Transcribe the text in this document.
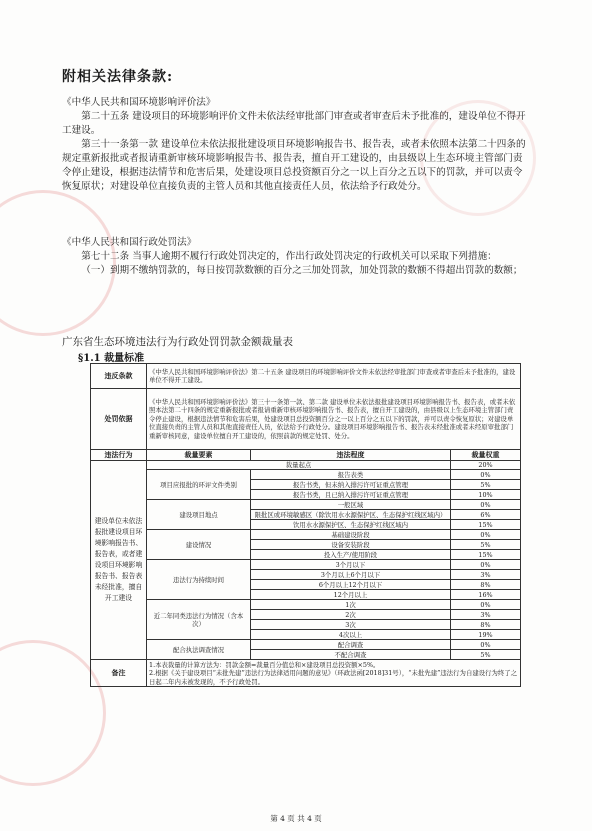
附相关法律条款:
《中华人民共和国环境影响评价法》

第二十五条 建设项目的环境影响评价文件未依法经审批部门审查或者审查后未予批准的，建设单位不得开工建设。

第三十一条第一款 建设单位未依法报批建设项目环境影响报告书、报告表，或者未依照本法第二十四条的规定重新报批或者报请重新审核环境影响报告书、报告表，擅自开工建设的，由县级以上生态环境主管部门责令停止建设，根据违法情节和危害后果，处建设项目总投资额百分之一以上百分之五以下的罚款，并可以责令恢复原状；对建设单位直接负责的主管人员和其他直接责任人员，依法给予行政处分。

《中华人民共和国行政处罚法》

第七十二条 当事人逾期不履行行政处罚决定的，作出行政处罚决定的行政机关可以采取下列措施：

（一）到期不缴纳罚款的，每日按罚款数额的百分之三加处罚款，加处罚款的数额不得超出罚款的数额；

广东省生态环境违法行为行政处罚罚款金额裁量表
§1.1 裁量标准
违反条款	《中华人民共和国环境影响评价法》第二十五条 建设项目的环境影响评价文件未依法经审批部门审查或者审查后未予批准的，建设单位不得开工建设。		
处罚依据	《中华人民共和国环境影响评价法》第三十一条第一款、第二款 建设单位未依法报批建设项目环境影响报告书、报告表，或者未依照本法第二十四条的规定重新报批或者报请重新审核环境影响报告书、报告表，擅自开工建设的，由县级以上生态环境主管部门责令停止建设，根据违法情节和危害后果，处建设项目总投资额百分之一以上百分之五以下的罚款，并可以责令恢复原状；对建设单位直接负责的主管人员和其他直接责任人员，依法给予行政处分。建设项目环境影响报告书、报告表未经批准或者未经原审批部门重新审核同意，建设单位擅自开工建设的，依照前款的规定处罚、处分。		
违法行为	裁量要素	违法程度	裁量权重
建设单位未依法报批建设项目环境影响报告书、报告表，或者建设项目环境影响报告书、报告表未经批准，擅自开工建设	裁量起点		20%
	项目应报批的环评文件类别	报告表类	0%
		报告书类，但未纳入排污许可证重点管理	5%
		报告书类，且已纳入排污许可证重点管理	10%
	建设项目地点	一般区域	0%
		限批区或环境敏感区（除饮用水水源保护区、生态保护红线区域内）	6%
		饮用水水源保护区、生态保护红线区域内	15%
	建设情况	基础建设阶段	0%
		设备安装阶段	5%
		投入生产/使用阶段	15%
	违法行为持续时间	3个月以下	0%
		3个月以上6个月以下	3%
		6个月以上12个月以下	8%
		12个月以上	16%
	近二年同类违法行为情况（含本次）	1次	0%
		2次	3%
		3次	8%
		4次以上	19%
	配合执法调查情况	配合调查	0%
		不配合调查	5%
备注	1.本表裁量的计算方法为：罚款金额=裁量百分值总和×建设项目总投资额×5%。
2.根据《关于建设项目“未批先建”违法行为法律适用问题的意见》（环政法函[2018]31号），“未批先建”违法行为自建设行为终了之日起二年内未被发现的，不予行政处罚。		
第 4 页 共 4 页
